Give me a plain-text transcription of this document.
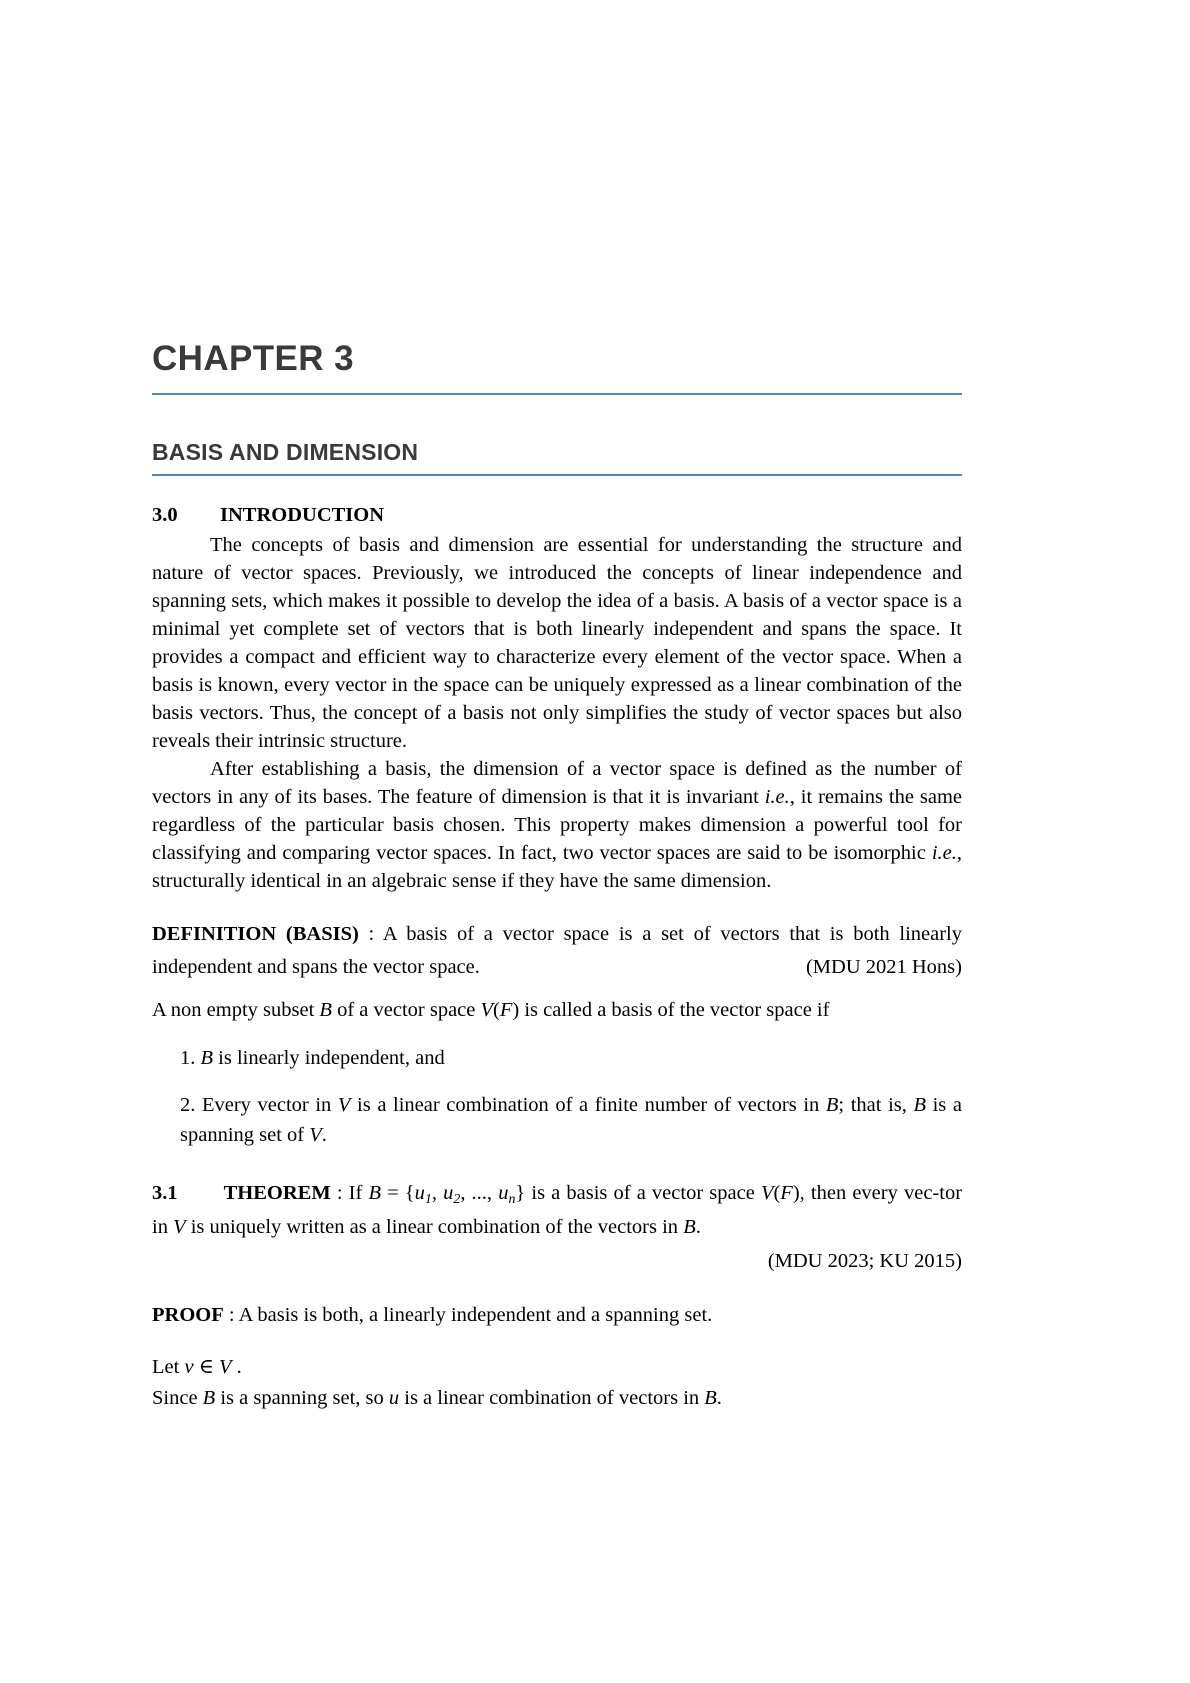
CHAPTER 3
BASIS AND DIMENSION
3.0	INTRODUCTION

The concepts of basis and dimension are essential for understanding the structure and nature of vector spaces. Previously, we introduced the concepts of linear independence and spanning sets, which makes it possible to develop the idea of a basis. A basis of a vector space is a minimal yet complete set of vectors that is both linearly independent and spans the space. It provides a compact and efficient way to characterize every element of the vector space. When a basis is known, every vector in the space can be uniquely expressed as a linear combination of the basis vectors. Thus, the concept of a basis not only simplifies the study of vector spaces but also reveals their intrinsic structure.

After establishing a basis, the dimension of a vector space is defined as the number of vectors in any of its bases. The feature of dimension is that it is invariant i.e., it remains the same regardless of the particular basis chosen. This property makes dimension a powerful tool for classifying and comparing vector spaces. In fact, two vector spaces are said to be isomorphic i.e., structurally identical in an algebraic sense if they have the same dimension.

DEFINITION (BASIS) : A basis of a vector space is a set of vectors that is both linearly independent and spans the vector space.	(MDU 2021 Hons)

A non empty subset B of a vector space V(F) is called a basis of the vector space if

1. B is linearly independent, and

2. Every vector in V is a linear combination of a finite number of vectors in B; that is, B is a spanning set of V.

3.1 THEOREM : If $B = \{u_1$, $u_2$, ..., $u_n$} is a basis of a vector space V(F), then every vec-tor in V is uniquely written as a linear combination of the vectors in B.

(MDU 2023; KU 2015)

PROOF : A basis is both, a linearly independent and a spanning set.

Let v ∈ V .

Since B is a spanning set, so u is a linear combination of vectors in B.
